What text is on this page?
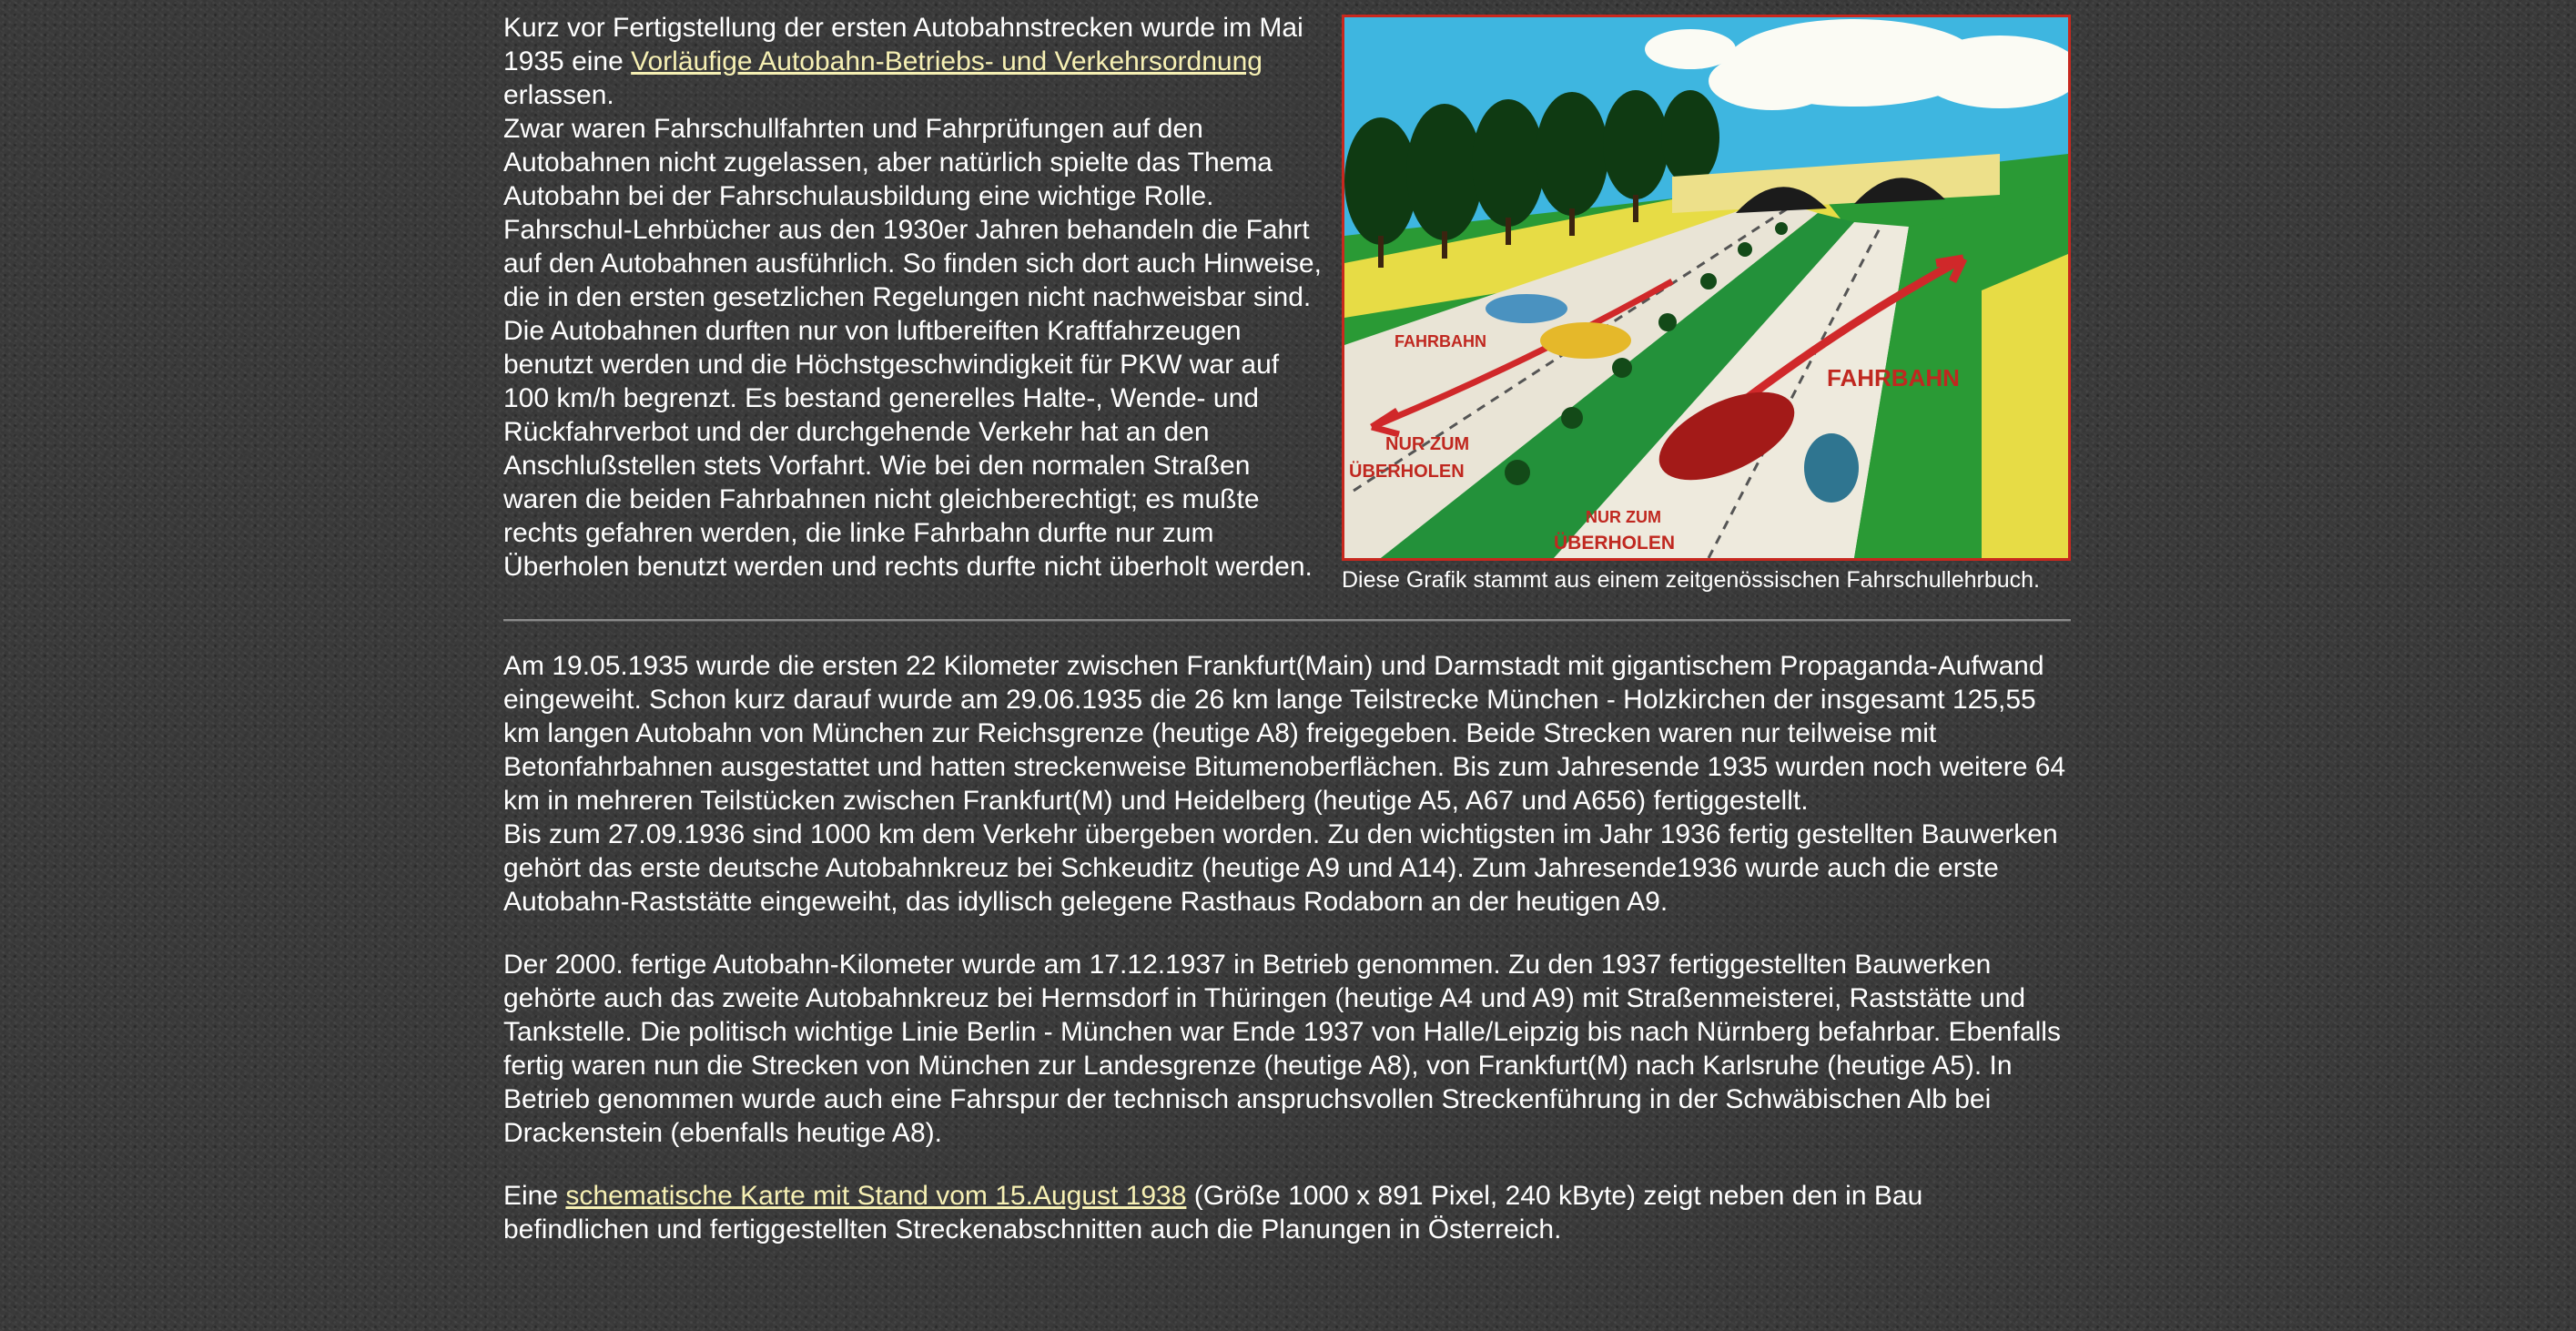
Kurz vor Fertigstellung der ersten Autobahnstrecken wurde im Mai 1935 eine Vorläufige Autobahn-Betriebs- und Verkehrsordnung erlassen.

Zwar waren Fahrschullfahrten und Fahrprüfungen auf den Autobahnen nicht zugelassen, aber natürlich spielte das Thema Autobahn bei der Fahrschulausbildung eine wichtige Rolle. Fahrschul-Lehrbücher aus den 1930er Jahren behandeln die Fahrt auf den Autobahnen ausführlich. So finden sich dort auch Hinweise, die in den ersten gesetzlichen Regelungen nicht nachweisbar sind. Die Autobahnen durften nur von luftbereiften Kraftfahrzeugen benutzt werden und die Höchstgeschwindigkeit für PKW war auf 100 km/h begrenzt. Es bestand generelles Halte-, Wende- und Rückfahrverbot und der durchgehende Verkehr hat an den Anschlußstellen stets Vorfahrt. Wie bei den normalen Straßen waren die beiden Fahrbahnen nicht gleichberechtigt; es mußte rechts gefahren werden, die linke Fahrbahn durfte nur zum Überholen benutzt werden und rechts durfte nicht überholt werden.

FAHRBAHN
FAHRBAHN
NUR ZUM
ÜBERHOLEN
NUR ZUM
ÜBERHOLEN

Diese Grafik stammt aus einem zeitgenössischen Fahrschullehrbuch.

Am 19.05.1935 wurde die ersten 22 Kilometer zwischen Frankfurt(Main) und Darmstadt mit gigantischem Propaganda-Aufwand eingeweiht. Schon kurz darauf wurde am 29.06.1935 die 26 km lange Teilstrecke München - Holzkirchen der insgesamt 125,55 km langen Autobahn von München zur Reichsgrenze (heutige A8) freigegeben. Beide Strecken waren nur teilweise mit Betonfahrbahnen ausgestattet und hatten streckenweise Bitumenoberflächen. Bis zum Jahresende 1935 wurden noch weitere 64 km in mehreren Teilstücken zwischen Frankfurt(M) und Heidelberg (heutige A5, A67 und A656) fertiggestellt.

Bis zum 27.09.1936 sind 1000 km dem Verkehr übergeben worden. Zu den wichtigsten im Jahr 1936 fertig gestellten Bauwerken gehört das erste deutsche Autobahnkreuz bei Schkeuditz (heutige A9 und A14). Zum Jahresende1936 wurde auch die erste Autobahn-Raststätte eingeweiht, das idyllisch gelegene Rasthaus Rodaborn an der heutigen A9.

Der 2000. fertige Autobahn-Kilometer wurde am 17.12.1937 in Betrieb genommen. Zu den 1937 fertiggestellten Bauwerken gehörte auch das zweite Autobahnkreuz bei Hermsdorf in Thüringen (heutige A4 und A9) mit Straßenmeisterei, Raststätte und Tankstelle. Die politisch wichtige Linie Berlin - München war Ende 1937 von Halle/Leipzig bis nach Nürnberg befahrbar. Ebenfalls fertig waren nun die Strecken von München zur Landesgrenze (heutige A8), von Frankfurt(M) nach Karlsruhe (heutige A5). In Betrieb genommen wurde auch eine Fahrspur der technisch anspruchsvollen Streckenführung in der Schwäbischen Alb bei Drackenstein (ebenfalls heutige A8).

Eine schematische Karte mit Stand vom 15.August 1938 (Größe 1000 x 891 Pixel, 240 kByte) zeigt neben den in Bau befindlichen und fertiggestellten Streckenabschnitten auch die Planungen in Österreich.
